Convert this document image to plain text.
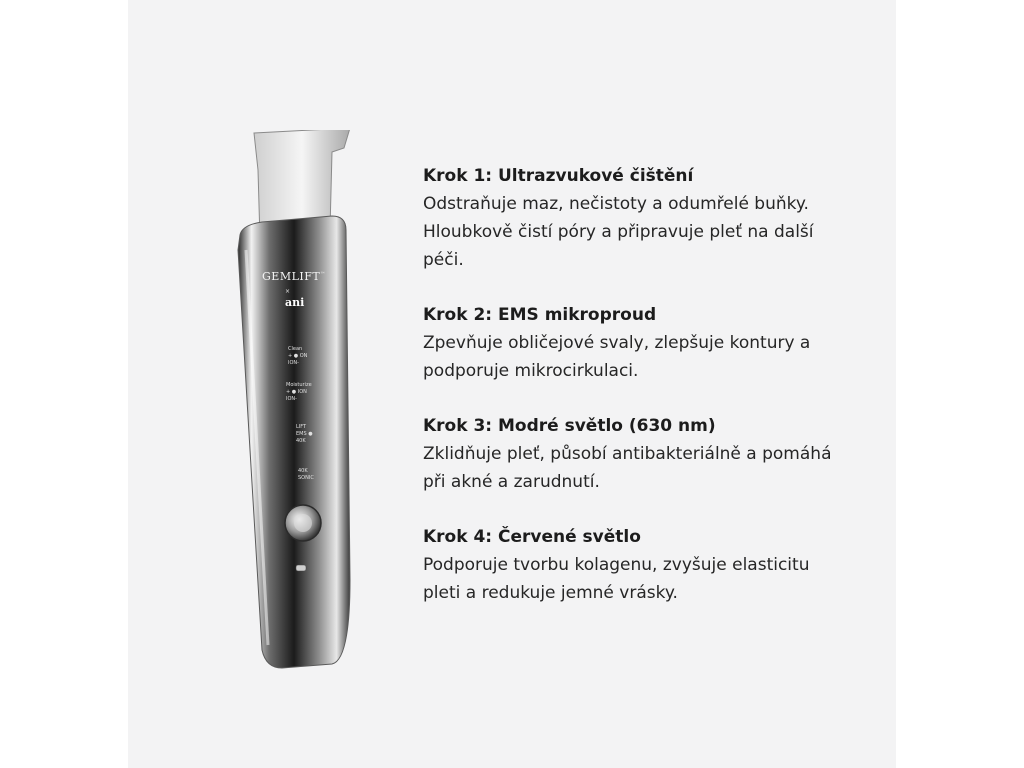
GEMLIFT™
×
ani
Clean
+ ● ON
ION-
Moisturize
+ ● ION
ION-
LIFT
EMS ●
40K
40K
SONIC

Krok 1: Ultrazvukové čištění

Odstraňuje maz, nečistoty a odumřelé buňky. Hloubkově čistí póry a připravuje pleť na další péči.

Krok 2: EMS mikroproud

Zpevňuje obličejové svaly, zlepšuje kontury a podporuje mikrocirkulaci.

Krok 3: Modré světlo (630 nm)

Zklidňuje pleť, působí antibakteriálně a pomáhá při akné a zarudnutí.

Krok 4: Červené světlo

Podporuje tvorbu kolagenu, zvyšuje elasticitu pleti a redukuje jemné vrásky.
